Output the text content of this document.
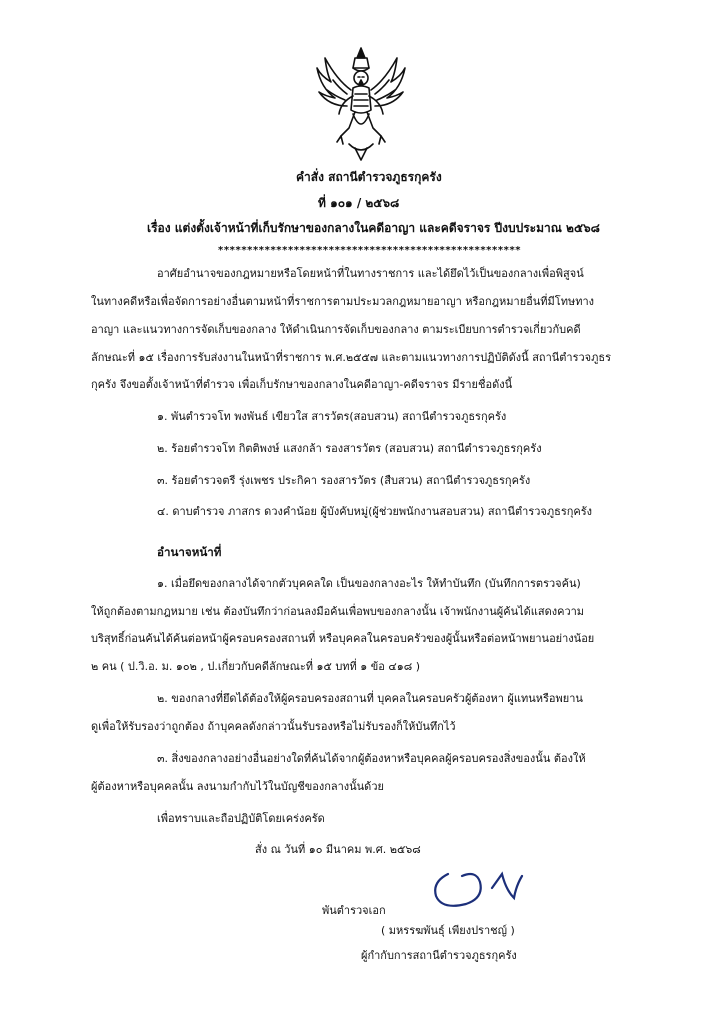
คำสั่ง สถานีตำรวจภูธรกุครัง
ที่ ๑๐๑ / ๒๕๖๘
เรื่อง แต่งตั้งเจ้าหน้าที่เก็บรักษาของกลางในคดีอาญา และคดีจราจร ปีงบประมาณ ๒๕๖๘
****************************************************
อาศัยอำนาจของกฎหมายหรือโดยหน้าที่ในทางราชการ และได้ยึดไว้เป็นของกลางเพื่อพิสูจน์
ในทางคดีหรือเพื่อจัดการอย่างอื่นตามหน้าที่ราชการตามประมวลกฎหมายอาญา หรือกฎหมายอื่นที่มีโทษทาง
อาญา และแนวทางการจัดเก็บของกลาง ให้ดำเนินการจัดเก็บของกลาง ตามระเบียบการตำรวจเกี่ยวกับคดี
ลักษณะที่ ๑๕ เรื่องการรับส่งงานในหน้าที่ราชการ พ.ศ.๒๕๕๗ และตามแนวทางการปฏิบัติดังนี้ สถานีตำรวจภูธร
กุครัง จึงขอตั้งเจ้าหน้าที่ตำรวจ เพื่อเก็บรักษาของกลางในคดีอาญา-คดีจราจร มีรายชื่อดังนี้
๑. พันตำรวจโท พงพันธ์ เขียวใส สารวัตร(สอบสวน) สถานีตำรวจภูธรกุครัง
๒. ร้อยตำรวจโท กิตติพงษ์ แสงกล้า รองสารวัตร (สอบสวน) สถานีตำรวจภูธรกุครัง
๓. ร้อยตำรวจตรี รุ่งเพชร ประกิคา รองสารวัตร (สืบสวน) สถานีตำรวจภูธรกุครัง
๔. ดาบตำรวจ ภาสกร ดวงคำน้อย ผู้บังคับหมู่(ผู้ช่วยพนักงานสอบสวน) สถานีตำรวจภูธรกุครัง
อำนาจหน้าที่
๑. เมื่อยึดของกลางได้จากตัวบุคคลใด เป็นของกลางอะไร ให้ทำบันทึก (บันทึกการตรวจค้น)
ให้ถูกต้องตามกฎหมาย เช่น ต้องบันทึกว่าก่อนลงมือค้นเพื่อพบของกลางนั้น เจ้าพนักงานผู้ค้นได้แสดงความ
บริสุทธิ์ก่อนค้นได้ค้นต่อหน้าผู้ครอบครองสถานที่ หรือบุคคลในครอบครัวของผู้นั้นหรือต่อหน้าพยานอย่างน้อย
๒ คน ( ป.วิ.อ. ม. ๑๐๒ , ป.เกี่ยวกับคดีลักษณะที่ ๑๕ บทที่ ๑ ข้อ ๔๑๘ )
๒. ของกลางที่ยึดได้ต้องให้ผู้ครอบครองสถานที่ บุคคลในครอบครัวผู้ต้องหา ผู้แทนหรือพยาน
ดูเพื่อให้รับรองว่าถูกต้อง ถ้าบุคคลดังกล่าวนั้นรับรองหรือไม่รับรองก็ให้บันทึกไว้
๓. สิ่งของกลางอย่างอื่นอย่างใดที่ค้นได้จากผู้ต้องหาหรือบุคคลผู้ครอบครองสิ่งของนั้น ต้องให้
ผู้ต้องหาหรือบุคคลนั้น ลงนามกำกับไว้ในบัญชีของกลางนั้นด้วย
เพื่อทราบและถือปฏิบัติโดยเคร่งครัด
สั่ง ณ วันที่ ๑๐ มีนาคม พ.ศ. ๒๕๖๘
พันตำรวจเอก
( มหรรฆพันธุ์ เพียงปราชญ์ )
ผู้กำกับการสถานีตำรวจภูธรกุครัง
